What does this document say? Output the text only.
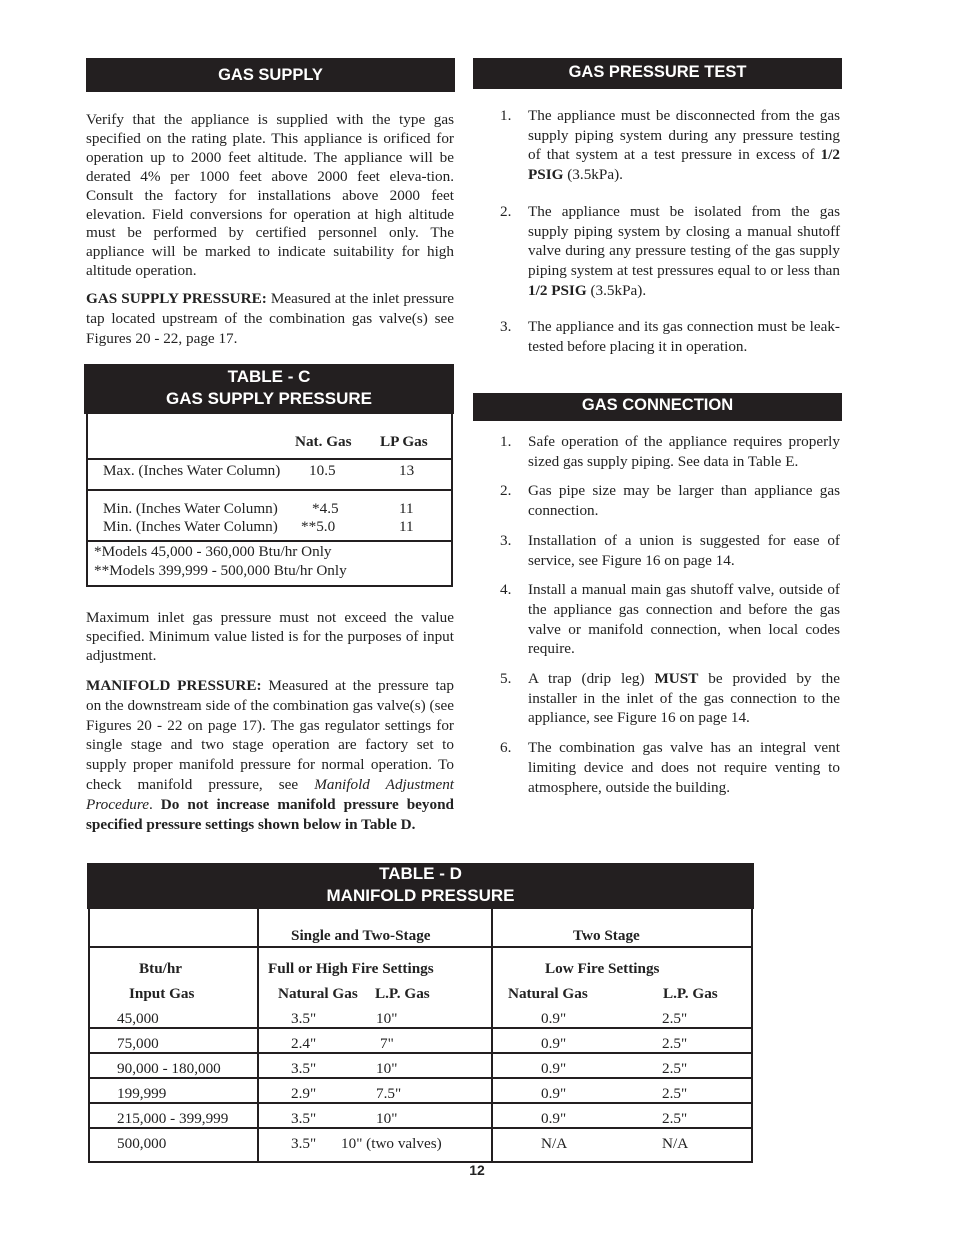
GAS SUPPLY

Verify that the appliance is supplied with the type gas specified on the rating plate. This appliance is orificed for operation up to 2000 feet altitude. The appliance will be derated 4% per 1000 feet above 2000 feet eleva-tion. Consult the factory for installations above 2000 feet elevation. Field conversions for operation at high altitude must be performed by certified personnel only. The appliance will be marked to indicate suitability for high altitude operation.

GAS SUPPLY PRESSURE: Measured at the inlet pressure tap located upstream of the combination gas valve(s) see Figures 20 - 22, page 17.

TABLE - C
GAS SUPPLY PRESSURE
Nat. Gas LP Gas
Max. (Inches Water Column) 10.5	13
Min. (Inches Water Column) *4.5	11
Min. (Inches Water Column) **5.0	11
*Models 45,000 - 360,000 Btu/hr Only
**Models 399,999 - 500,000 Btu/hr Only

Maximum inlet gas pressure must not exceed the value specified. Minimum value listed is for the purposes of input adjustment.

MANIFOLD PRESSURE: Measured at the pressure tap on the downstream side of the combination gas valve(s) (see Figures 20 - 22 on page 17). The gas regulator settings for single stage and two stage operation are factory set to supply proper manifold pressure for normal operation. To check manifold pressure, see Manifold Adjustment Procedure. Do not increase manifold pressure beyond specified pressure settings shown below in Table D.

GAS PRESSURE TEST
1. The appliance must be disconnected from the gas supply piping system during any pressure testing of that system at a test pressure in excess of 1/2 PSIG (3.5kPa).
2. The appliance must be isolated from the gas supply piping system by closing a manual shutoff valve during any pressure testing of the gas supply piping system at test pressures equal to or less than 1/2 PSIG (3.5kPa).
3. The appliance and its gas connection must be leak-tested before placing it in operation.
GAS CONNECTION
1. Safe operation of the appliance requires properly sized gas supply piping. See data in Table E.
2. Gas pipe size may be larger than appliance gas connection.
3. Installation of a union is suggested for ease of service, see Figure 16 on page 14.
4. Install a manual main gas shutoff valve, outside of the appliance gas connection and before the gas valve or manifold connection, when local codes require.
5. A trap (drip leg) MUST be provided by the installer in the inlet of the gas connection to the appliance, see Figure 16 on page 14.
6. The combination gas valve has an integral vent limiting device and does not require venting to atmosphere, outside the building.
TABLE - D
MANIFOLD PRESSURE
Single and Two-Stage	Two Stage
Btu/hr
Input Gas
Full or High Fire Settings	Low Fire Settings
Natural Gas L.P. Gas	Natural Gas	L.P. Gas
45,000	3.5"	10"	0.9"	2.5"
75,000	2.4"	7"	0.9"	2.5"
90,000 - 180,000	3.5"	10"	0.9"	2.5"
199,999	2.9"	7.5"	0.9"	2.5"
215,000 - 399,999	3.5"	10"	0.9"	2.5"
500,000	3.5" 10" (two valves)	N/A	N/A
12
